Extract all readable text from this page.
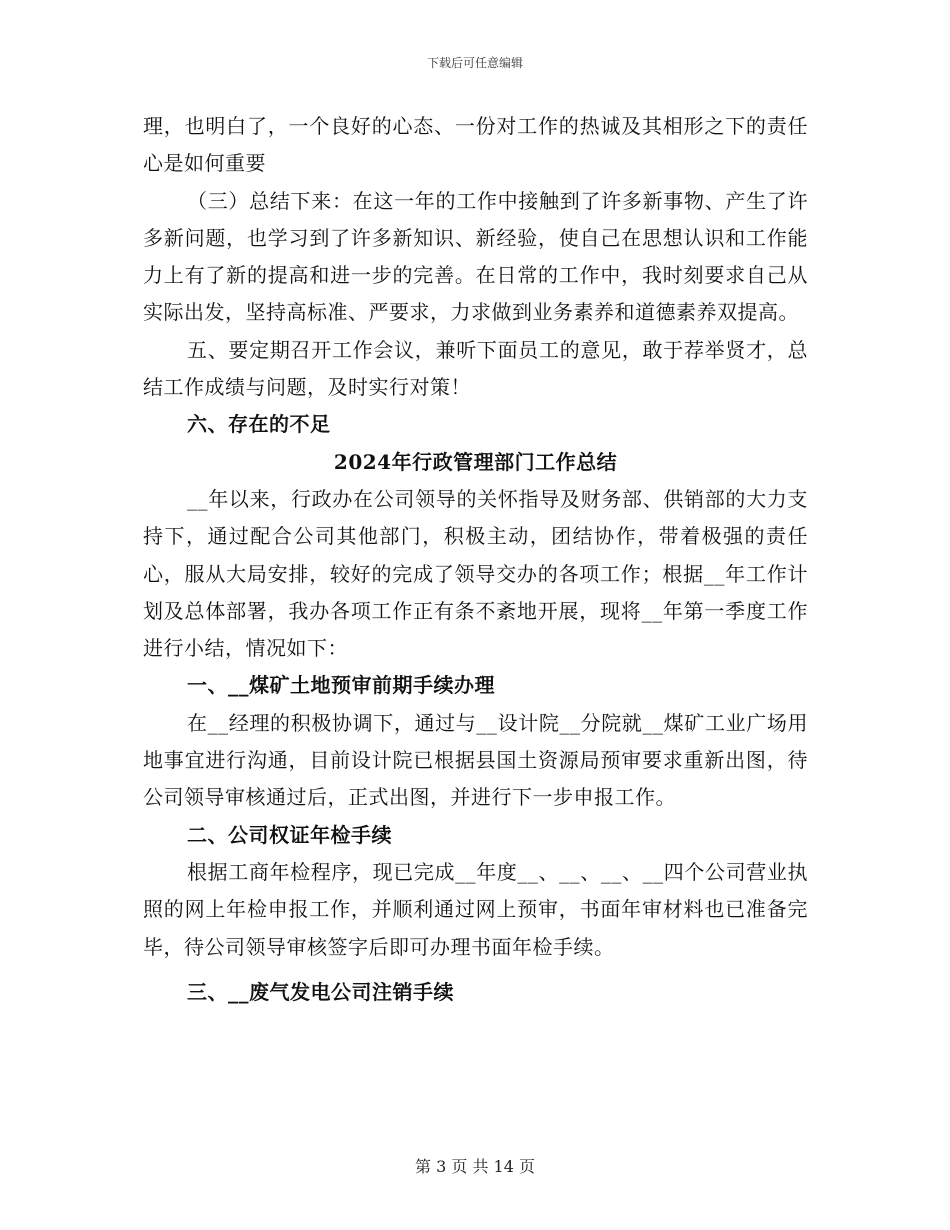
下载后可任意编辑

理，也明白了，一个良好的心态、一份对工作的热诚及其相形之下的责任心是如何重要

（三）总结下来：在这一年的工作中接触到了许多新事物、产生了许多新问题，也学习到了许多新知识、新经验，使自己在思想认识和工作能力上有了新的提高和进一步的完善。在日常的工作中，我时刻要求自己从实际出发，坚持高标准、严要求，力求做到业务素养和道德素养双提高。

五、要定期召开工作会议，兼听下面员工的意见，敢于荐举贤才，总结工作成绩与问题，及时实行对策！

六、存在的不足

2024年行政管理部门工作总结

__年以来，行政办在公司领导的关怀指导及财务部、供销部的大力支持下，通过配合公司其他部门，积极主动，团结协作，带着极强的责任心，服从大局安排，较好的完成了领导交办的各项工作；根据__年工作计划及总体部署，我办各项工作正有条不紊地开展，现将__年第一季度工作进行小结，情况如下：

一、__煤矿土地预审前期手续办理

在__经理的积极协调下，通过与__设计院__分院就__煤矿工业广场用地事宜进行沟通，目前设计院已根据县国土资源局预审要求重新出图，待公司领导审核通过后，正式出图，并进行下一步申报工作。

二、公司权证年检手续

根据工商年检程序，现已完成__年度__、__、__、__四个公司营业执照的网上年检申报工作，并顺利通过网上预审，书面年审材料也已准备完毕，待公司领导审核签字后即可办理书面年检手续。

三、__废气发电公司注销手续

第 3 页 共 14 页
